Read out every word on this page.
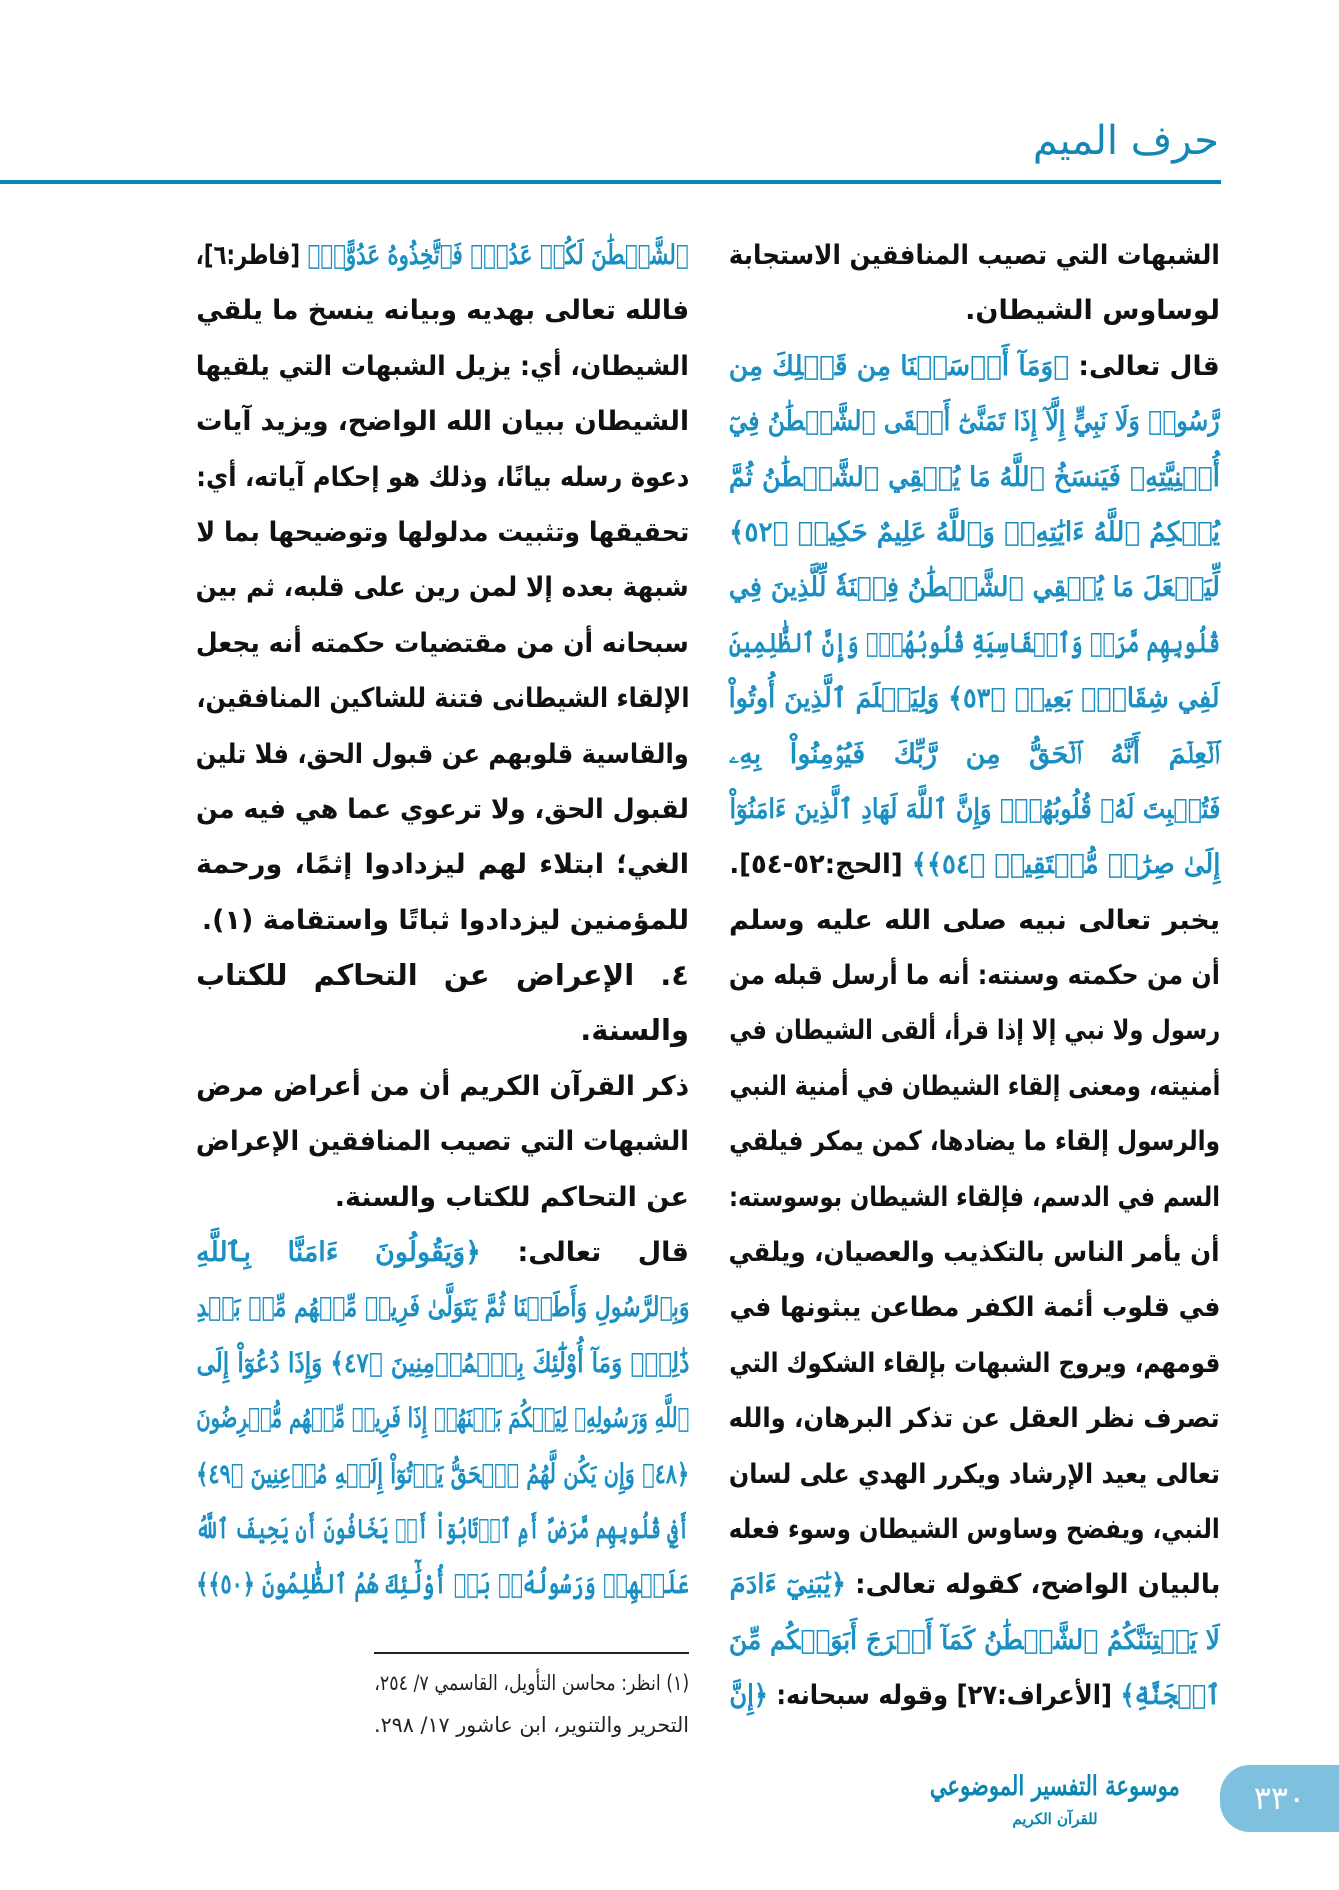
حرف الميم
الشبهات التي تصيب المنافقين الاستجابة
لوساوس الشيطان.
قال تعالى: ﴿وَمَآ أَرۡسَلۡنَا مِن قَبۡلِكَ مِن
رَّسُولٖ وَلَا نَبِيٍّ إِلَّآ إِذَا تَمَنَّىٰٓ أَلۡقَى ٱلشَّيۡطَٰنُ فِيٓ
أُمۡنِيَّتِهِۦ فَيَنسَخُ ٱللَّهُ مَا يُلۡقِي ٱلشَّيۡطَٰنُ ثُمَّ
يُحۡكِمُ ٱللَّهُ ءَايَٰتِهِۦۗ وَٱللَّهُ عَلِيمٌ حَكِيمٞ ﴿٥٢﴾
لِّيَجۡعَلَ مَا يُلۡقِي ٱلشَّيۡطَٰنُ فِتۡنَةٗ لِّلَّذِينَ فِي
قُلُوبِهِم مَّرَضٞ وَٱلۡقَاسِيَةِ قُلُوبُهُمۡۗ وَإِنَّ ٱلظَّٰلِمِينَ
لَفِي شِقَاقِۭ بَعِيدٖ ﴿٥٣﴾ وَلِيَعۡلَمَ ٱلَّذِينَ أُوتُواْ
ٱلۡعِلۡمَ أَنَّهُ ٱلۡحَقُّ مِن رَّبِّكَ فَيُؤۡمِنُواْ بِهِۦ
فَتُخۡبِتَ لَهُۥ قُلُوبُهُمۡۗ وَإِنَّ ٱللَّهَ لَهَادِ ٱلَّذِينَ ءَامَنُوٓاْ
إِلَىٰ صِرَٰطٖ مُّسۡتَقِيمٖ ﴿٥٤﴾﴾ [الحج:٥٢-٥٤].
يخبر تعالى نبيه صلى الله عليه وسلم
أن من حكمته وسنته: أنه ما أرسل قبله من
رسول ولا نبي إلا إذا قرأ، ألقى الشيطان في
أمنيته، ومعنى إلقاء الشيطان في أمنية النبي
والرسول إلقاء ما يضادها، كمن يمكر فيلقي
السم في الدسم، فإلقاء الشيطان بوسوسته:
أن يأمر الناس بالتكذيب والعصيان، ويلقي
في قلوب أئمة الكفر مطاعن يبثونها في
قومهم، ويروج الشبهات بإلقاء الشكوك التي
تصرف نظر العقل عن تذكر البرهان، والله
تعالى يعيد الإرشاد ويكرر الهدي على لسان
النبي، ويفضح وساوس الشيطان وسوء فعله
بالبيان الواضح، كقوله تعالى: ﴿يَٰبَنِيٓ ءَادَمَ
لَا يَفۡتِنَنَّكُمُ ٱلشَّيۡطَٰنُ كَمَآ أَخۡرَجَ أَبَوَيۡكُم مِّنَ
ٱلۡجَنَّةِ﴾ [الأعراف:٢٧] وقوله سبحانه: ﴿إِنَّ
ٱلشَّيۡطَٰنَ لَكُمۡ عَدُوّٞ فَٱتَّخِذُوهُ عَدُوًّاۚ﴾ [فاطر:٦]،
فالله تعالى بهديه وبيانه ينسخ ما يلقي
الشيطان، أي: يزيل الشبهات التي يلقيها
الشيطان ببيان الله الواضح، ويزيد آيات
دعوة رسله بيانًا، وذلك هو إحكام آياته، أي:
تحقيقها وتثبيت مدلولها وتوضيحها بما لا
شبهة بعده إلا لمن رين على قلبه، ثم بين
سبحانه أن من مقتضيات حكمته أنه يجعل
الإلقاء الشيطانى فتنة للشاكين المنافقين،
والقاسية قلوبهم عن قبول الحق، فلا تلين
لقبول الحق، ولا ترعوي عما هي فيه من
الغي؛ ابتلاء لهم ليزدادوا إثمًا، ورحمة
للمؤمنين ليزدادوا ثباتًا واستقامة (١).
٤. الإعراض عن التحاكم للكتاب
والسنة.
ذكر القرآن الكريم أن من أعراض مرض
الشبهات التي تصيب المنافقين الإعراض
عن التحاكم للكتاب والسنة.
قال تعالى: ﴿وَيَقُولُونَ ءَامَنَّا بِٱللَّهِ
وَبِٱلرَّسُولِ وَأَطَعۡنَا ثُمَّ يَتَوَلَّىٰ فَرِيقٞ مِّنۡهُم مِّنۢ بَعۡدِ
ذَٰلِكَۚ وَمَآ أُوْلَٰٓئِكَ بِٱلۡمُؤۡمِنِينَ ﴿٤٧﴾ وَإِذَا دُعُوٓاْ إِلَى
ٱللَّهِ وَرَسُولِهِۦ لِيَحۡكُمَ بَيۡنَهُمۡ إِذَا فَرِيقٞ مِّنۡهُم مُّعۡرِضُونَ
﴿٤٨﴾ وَإِن يَكُن لَّهُمُ ٱلۡحَقُّ يَأۡتُوٓاْ إِلَيۡهِ مُذۡعِنِينَ ﴿٤٩﴾
أَفِي قُلُوبِهِم مَّرَضٌ أَمِ ٱرۡتَابُوٓاْ أَمۡ يَخَافُونَ أَن يَحِيفَ ٱللَّهُ
عَلَيۡهِمۡ وَرَسُولُهُۥۚ بَلۡ أُوْلَٰٓئِكَ هُمُ ٱلظَّٰلِمُونَ ﴿٥٠﴾﴾
(١) انظر: محاسن التأويل، القاسمي ٧/ ٢٥٤،
التحرير والتنوير، ابن عاشور ١٧/ ٢٩٨.
موسوعة التفسير الموضوعي
للقرآن الكريم
٣٣٠
